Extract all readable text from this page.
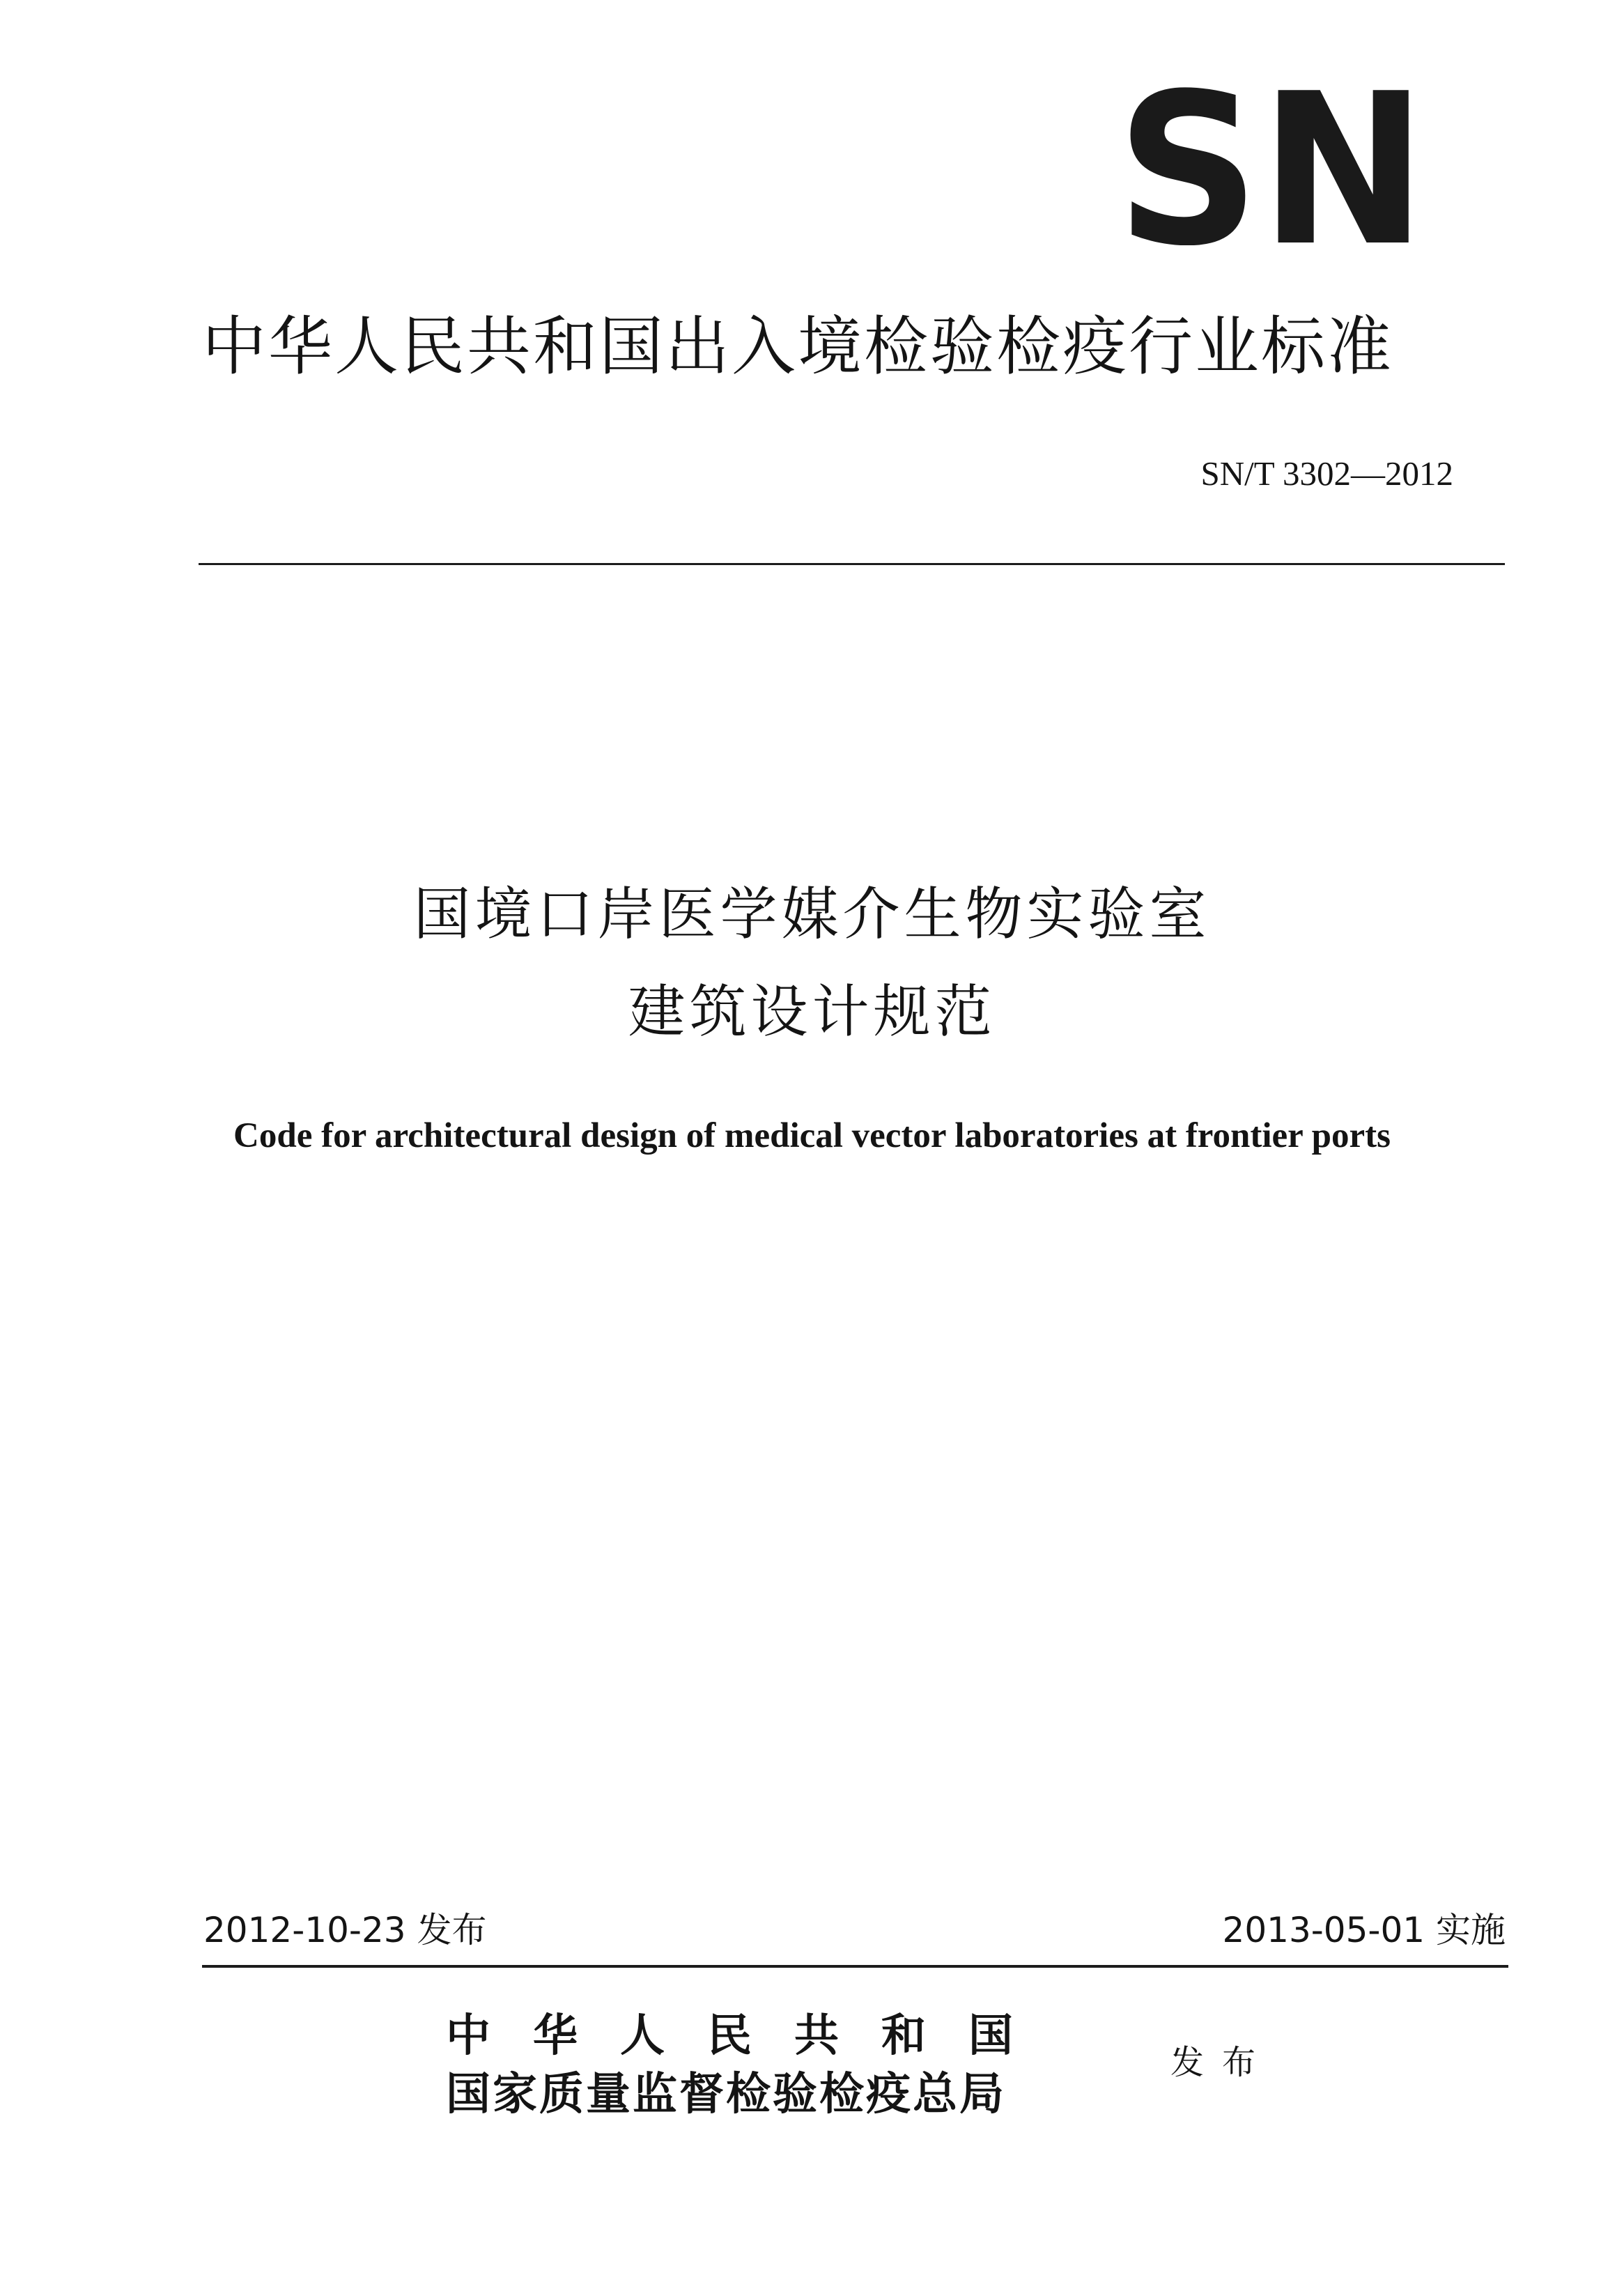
SN
中华人民共和国出入境检验检疫行业标准
SN/T 3302—2012
国境口岸医学媒介生物实验室
建筑设计规范
Code for architectural design of medical vector laboratories at frontier ports
2012-10-23 发布	2013-05-01 实施
中华人民共和国
国家质量监督检验检疫总局
发布
